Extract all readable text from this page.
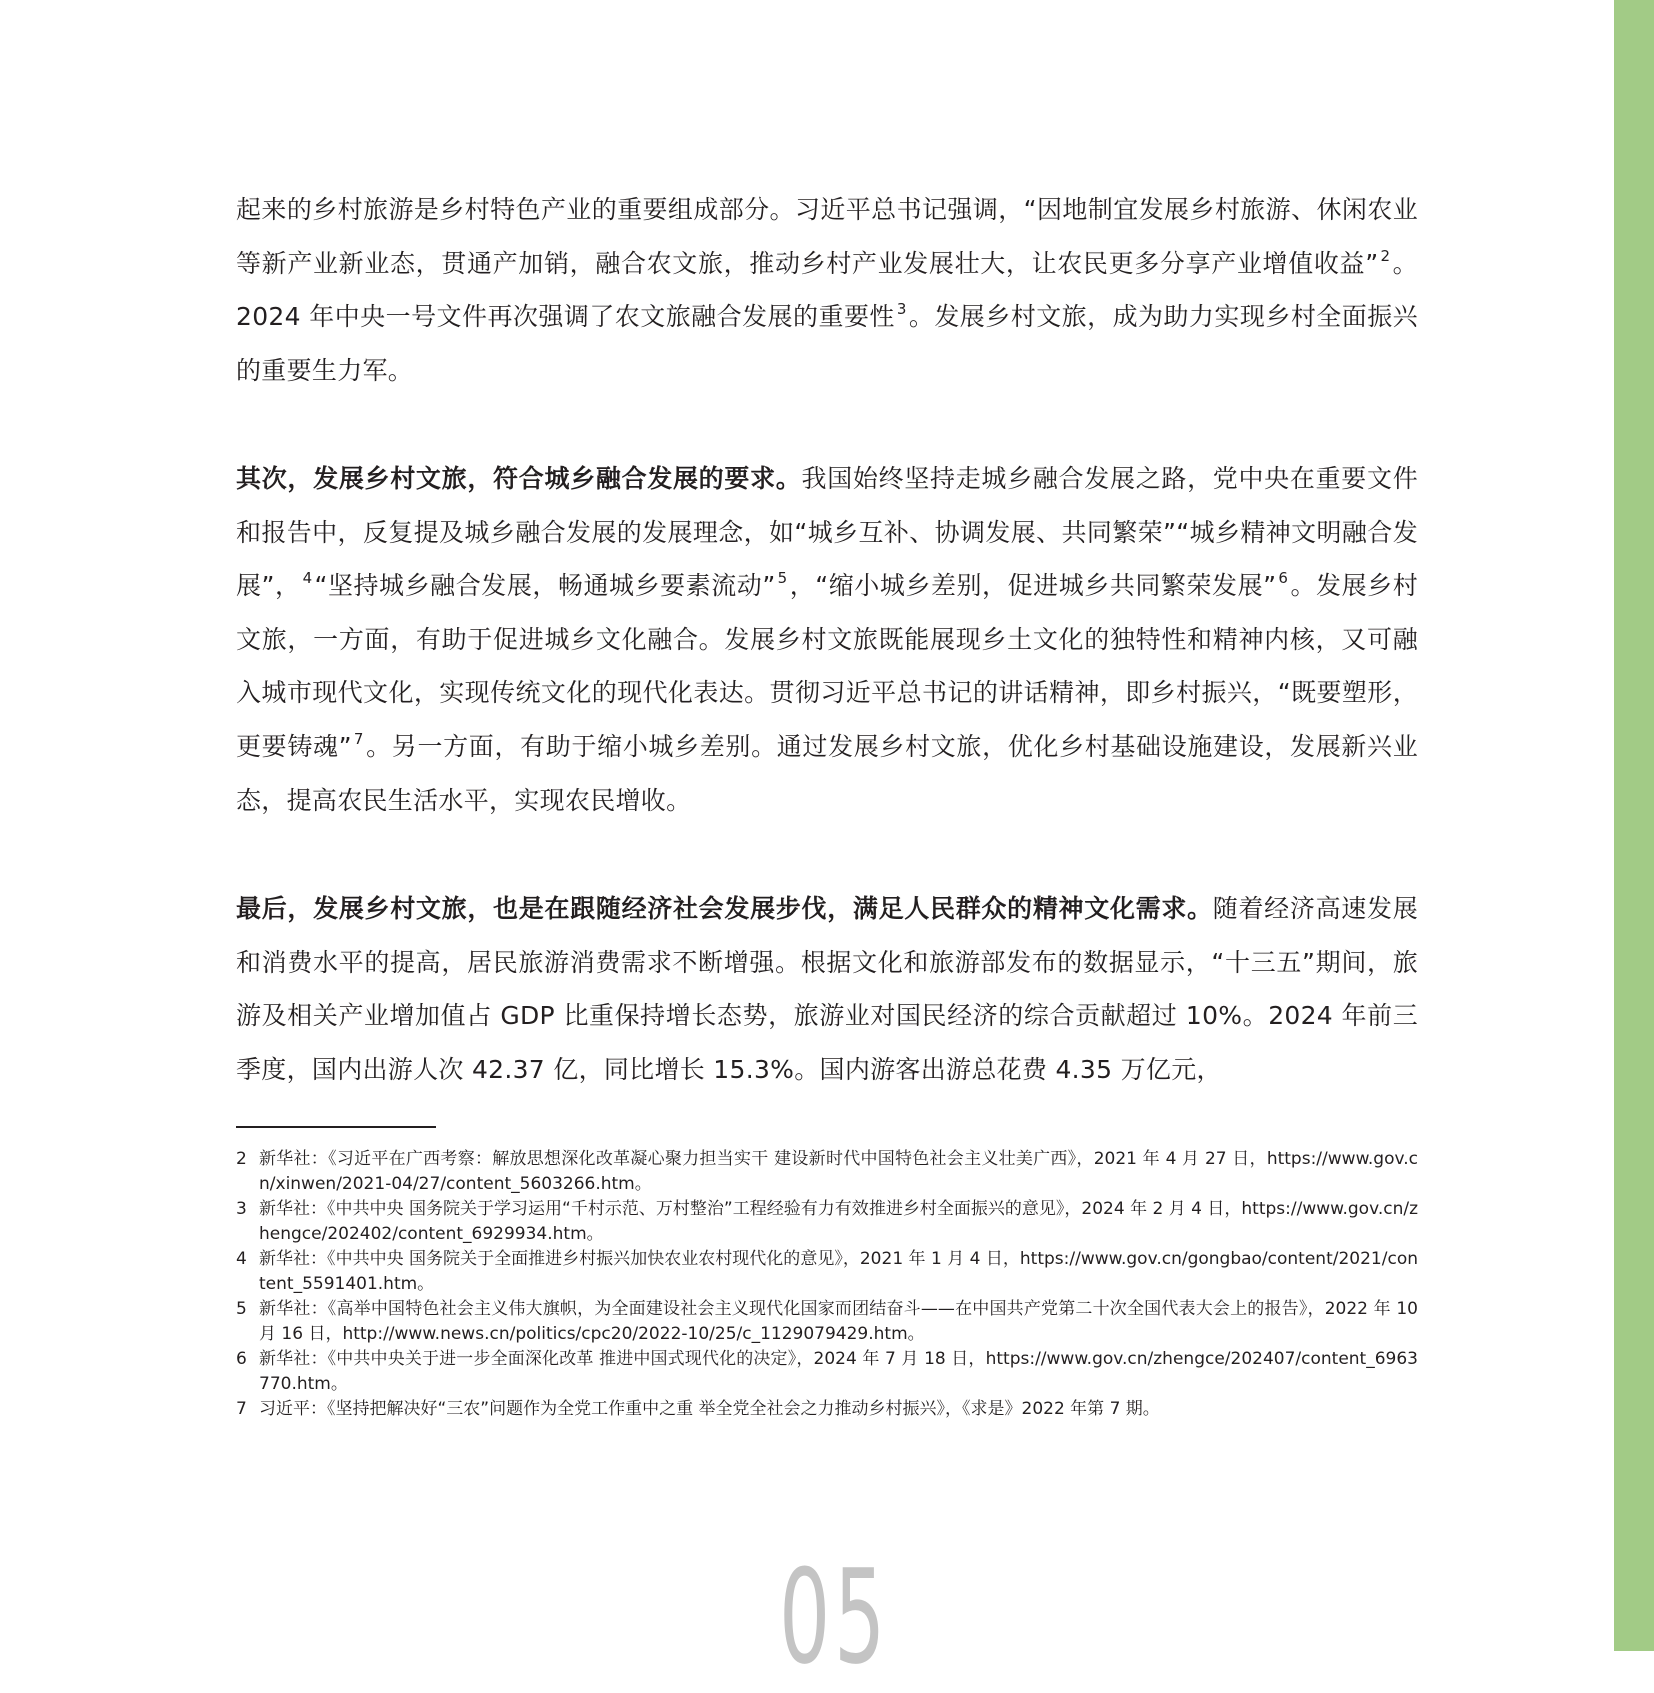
起来的乡村旅游是乡村特色产业的重要组成部分。习近平总书记强调，“因地制宜发展乡村旅游、休闲农业等新产业新业态，贯通产加销，融合农文旅，推动乡村产业发展壮大，让农民更多分享产业增值收益” $^2$。2024 年中央一号文件再次强调了农文旅融合发展的重要性 $^3$。发展乡村文旅，成为助力实现乡村全面振兴的重要生力军。

其次，发展乡村文旅，符合城乡融合发展的要求。我国始终坚持走城乡融合发展之路，党中央在重要文件和报告中，反复提及城乡融合发展的发展理念，如“城乡互补、协调发展、共同繁荣”“城乡精神文明融合发展”， $^4$“坚持城乡融合发展，畅通城乡要素流动” $^5$，“缩小城乡差别，促进城乡共同繁荣发展” $^6$。发展乡村文旅，一方面，有助于促进城乡文化融合。发展乡村文旅既能展现乡土文化的独特性和精神内核，又可融入城市现代文化，实现传统文化的现代化表达。贯彻习近平总书记的讲话精神，即乡村振兴，“既要塑形，更要铸魂” $^7$。另一方面，有助于缩小城乡差别。通过发展乡村文旅，优化乡村基础设施建设，发展新兴业态，提高农民生活水平，实现农民增收。

最后，发展乡村文旅，也是在跟随经济社会发展步伐，满足人民群众的精神文化需求。随着经济高速发展和消费水平的提高，居民旅游消费需求不断增强。根据文化和旅游部发布的数据显示，“十三五”期间，旅游及相关产业增加值占 GDP 比重保持增长态势，旅游业对国民经济的综合贡献超过 10%。2024 年前三季度，国内出游人次 42.37 亿，同比增长 15.3%。国内游客出游总花费 4.35 万亿元，

2 新华社：《习近平在广西考察：解放思想深化改革凝心聚力担当实干 建设新时代中国特色社会主义壮美广西》，2021 年 4 月 27 日，https://www.gov.cn/xinwen/2021-04/27/content_5603266.htm。
3 新华社：《中共中央 国务院关于学习运用“千村示范、万村整治”工程经验有力有效推进乡村全面振兴的意见》，2024 年 2 月 4 日，https://www.gov.cn/zhengce/202402/content_6929934.htm。
4 新华社：《中共中央 国务院关于全面推进乡村振兴加快农业农村现代化的意见》，2021 年 1 月 4 日，https://www.gov.cn/gongbao/content/2021/content_5591401.htm。
5 新华社：《高举中国特色社会主义伟大旗帜，为全面建设社会主义现代化国家而团结奋斗——在中国共产党第二十次全国代表大会上的报告》，2022 年 10 月 16 日，http://www.news.cn/politics/cpc20/2022-10/25/c_1129079429.htm。
6 新华社：《中共中央关于进一步全面深化改革 推进中国式现代化的决定》，2024 年 7 月 18 日，https://www.gov.cn/zhengce/202407/content_6963770.htm。
7 习近平：《坚持把解决好“三农”问题作为全党工作重中之重 举全党全社会之力推动乡村振兴》，《求是》2022 年第 7 期。
05
